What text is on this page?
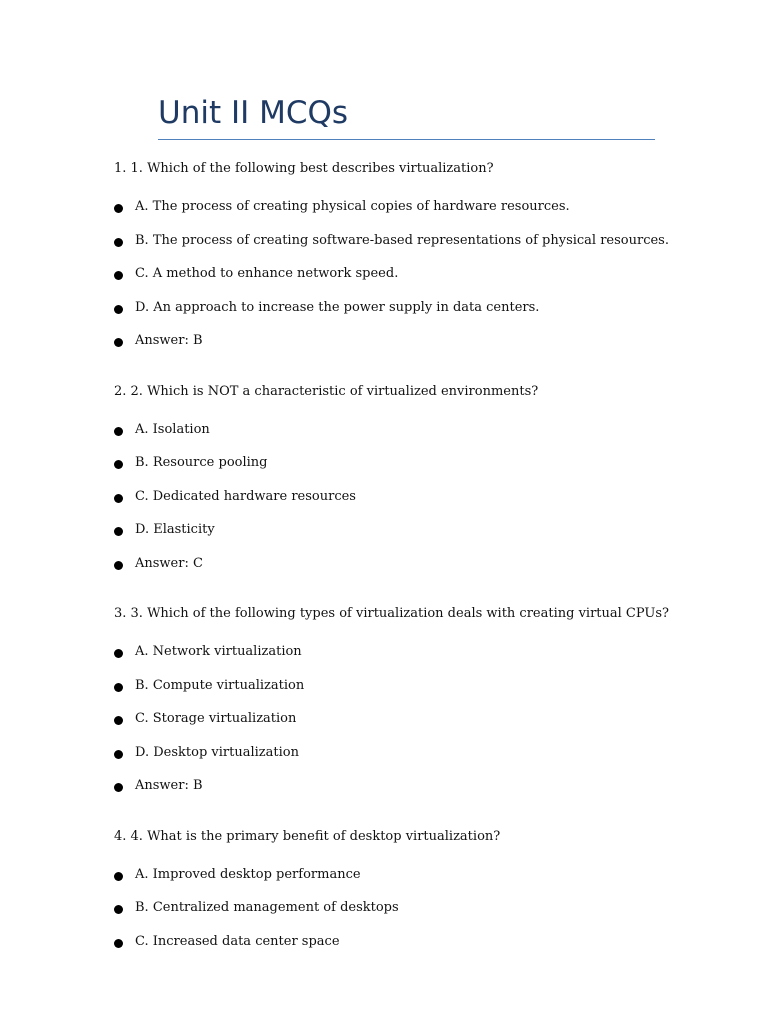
Unit II MCQs

1. 1. Which of the following best describes virtualization?

A. The process of creating physical copies of hardware resources.
B. The process of creating software-based representations of physical resources.
C. A method to enhance network speed.
D. An approach to increase the power supply in data centers.
Answer: B

2. 2. Which is NOT a characteristic of virtualized environments?

A. Isolation
B. Resource pooling
C. Dedicated hardware resources
D. Elasticity
Answer: C

3. 3. Which of the following types of virtualization deals with creating virtual CPUs?

A. Network virtualization
B. Compute virtualization
C. Storage virtualization
D. Desktop virtualization
Answer: B

4. 4. What is the primary benefit of desktop virtualization?

A. Improved desktop performance
B. Centralized management of desktops
C. Increased data center space
